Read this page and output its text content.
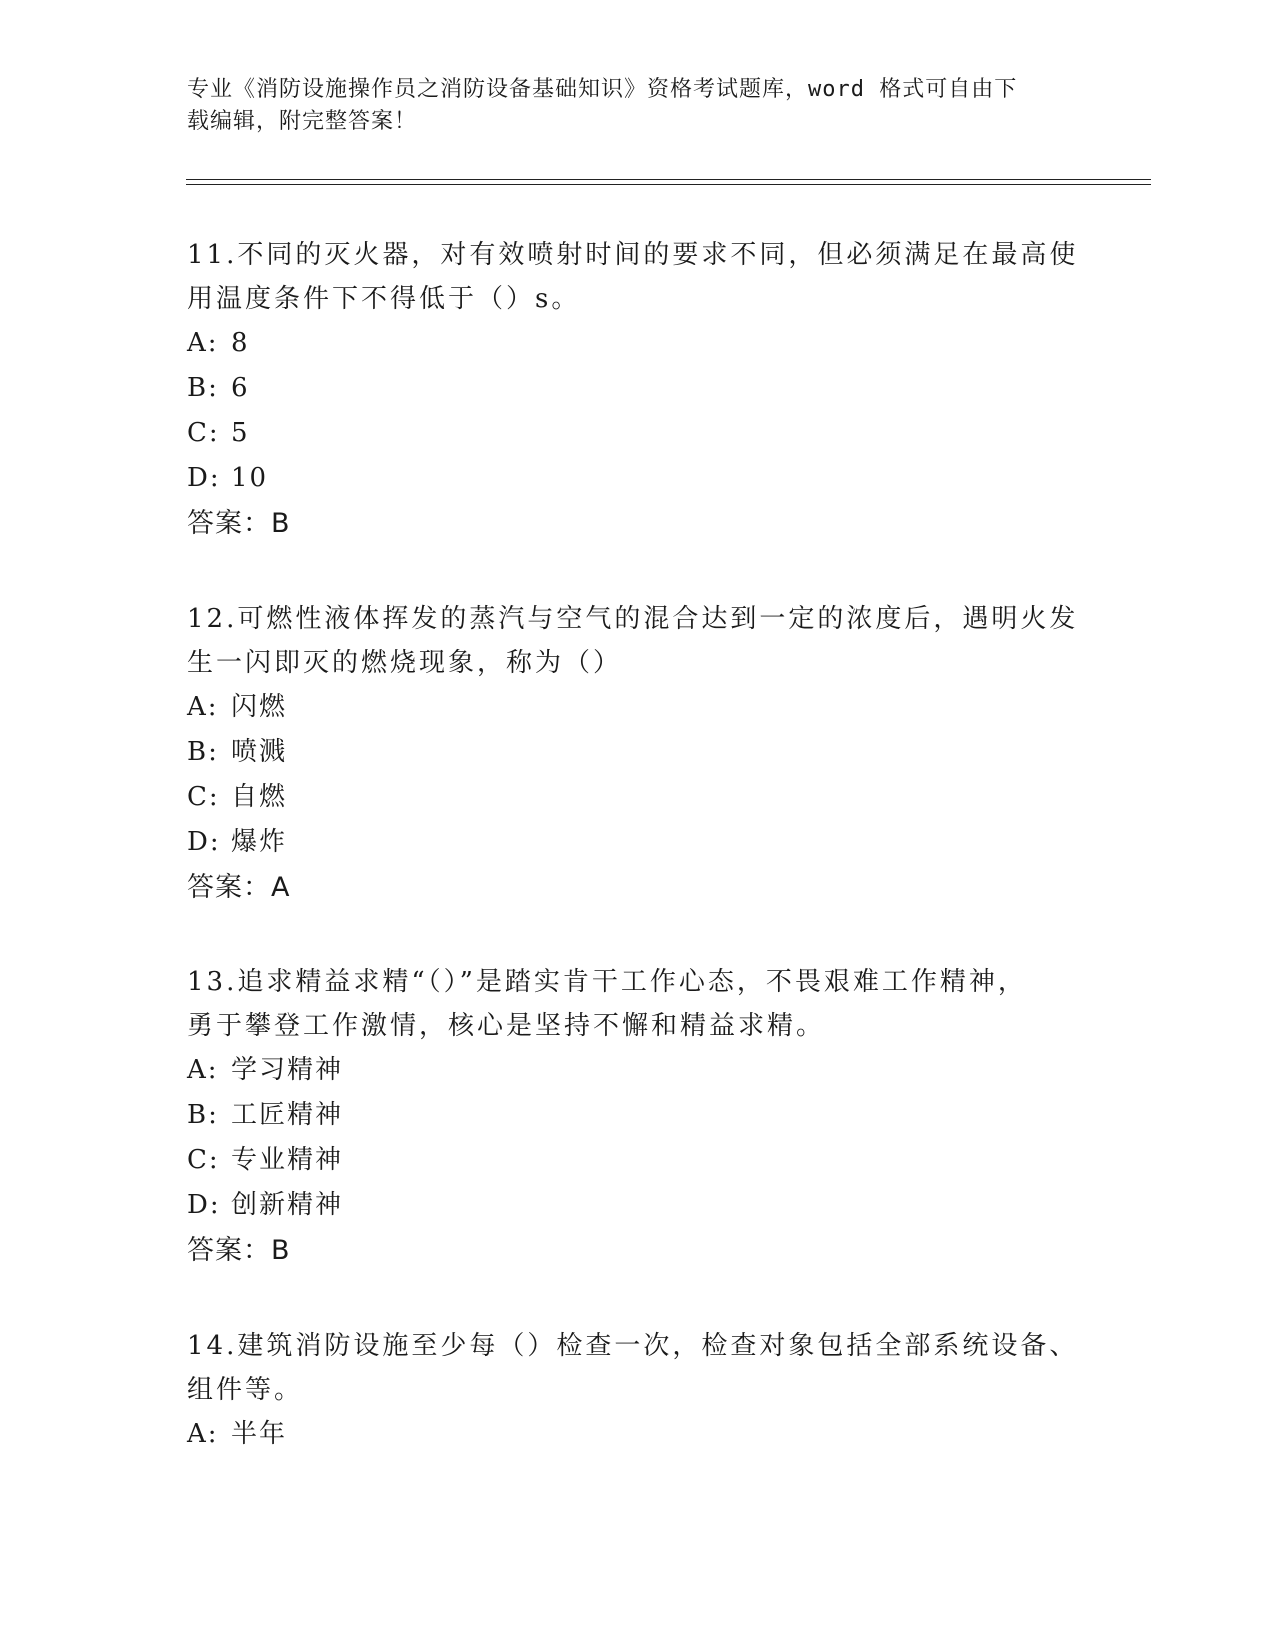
专业《消防设施操作员之消防设备基础知识》资格考试题库，word 格式可自由下
载编辑，附完整答案！

11.不同的灭火器，对有效喷射时间的要求不同，但必须满足在最高使
用温度条件下不得低于（）s。

A: 8

B: 6

C: 5

D: 10

答案：B

12.可燃性液体挥发的蒸汽与空气的混合达到一定的浓度后，遇明火发
生一闪即灭的燃烧现象，称为（）

A: 闪燃

B: 喷溅

C: 自燃

D: 爆炸

答案：A

13.追求精益求精“（）”是踏实肯干工作心态，不畏艰难工作精神，
勇于攀登工作激情，核心是坚持不懈和精益求精。

A: 学习精神

B: 工匠精神

C: 专业精神

D: 创新精神

答案：B

14.建筑消防设施至少每（）检查一次，检查对象包括全部系统设备、
组件等。

A: 半年
